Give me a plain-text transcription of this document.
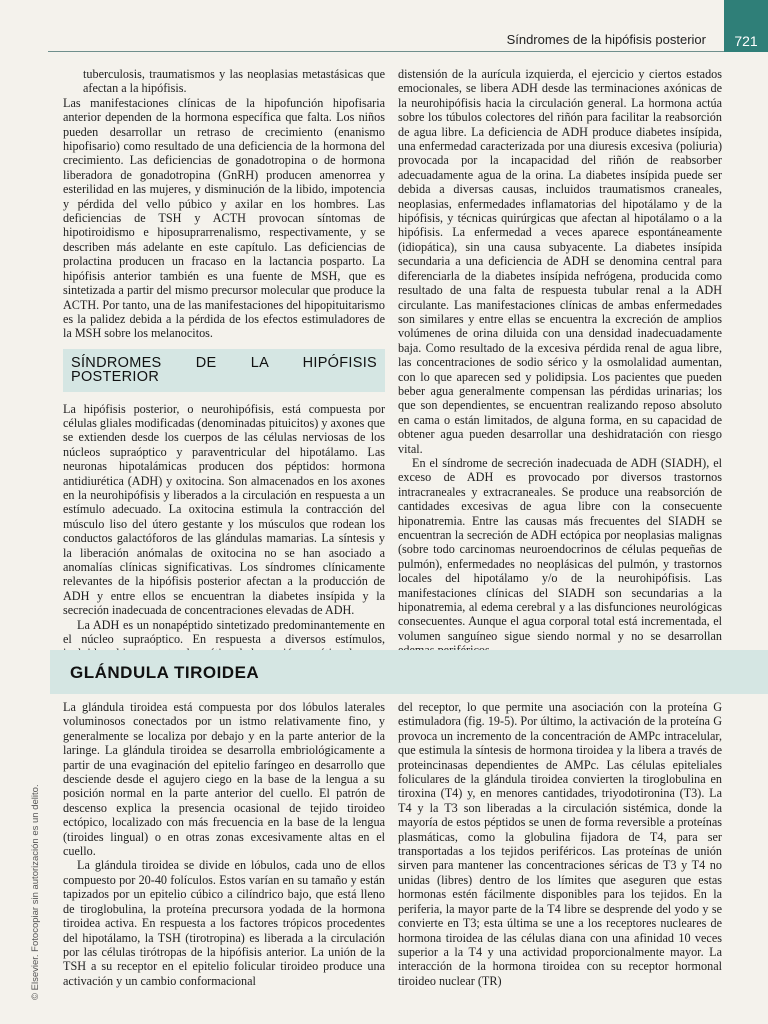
Síndromes de la hipófisis posterior	721

tuberculosis, traumatismos y las neoplasias metastásicas que afectan a la hipófisis.

Las manifestaciones clínicas de la hipofunción hipofisaria anterior dependen de la hormona específica que falta. Los niños pueden desarrollar un retraso de crecimiento (enanismo hipofisario) como resultado de una deficiencia de la hormona del crecimiento. Las deficiencias de gonadotropina o de hormona liberadora de gonadotropina (GnRH) producen amenorrea y esterilidad en las mujeres, y disminución de la libido, impotencia y pérdida del vello púbico y axilar en los hombres. Las deficiencias de TSH y ACTH provocan síntomas de hipotiroidismo e hiposuprarrenalismo, respectivamente, y se describen más adelante en este capítulo. Las deficiencias de prolactina producen un fracaso en la lactancia posparto. La hipófisis anterior también es una fuente de MSH, que es sintetizada a partir del mismo precursor molecular que produce la ACTH. Por tanto, una de las manifestaciones del hipopituitarismo es la palidez debida a la pérdida de los efectos estimuladores de la MSH sobre los melanocitos.

SÍNDROMES DE LA HIPÓFISIS POSTERIOR

La hipófisis posterior, o neurohipófisis, está compuesta por células gliales modificadas (denominadas pituicitos) y axones que se extienden desde los cuerpos de las células nerviosas de los núcleos supraóptico y paraventricular del hipotálamo. Las neuronas hipotalámicas producen dos péptidos: hormona antidiurética (ADH) y oxitocina. Son almacenados en los axones en la neurohipófisis y liberados a la circulación en respuesta a un estímulo adecuado. La oxitocina estimula la contracción del músculo liso del útero gestante y los músculos que rodean los conductos galactóforos de las glándulas mamarias. La síntesis y la liberación anómalas de oxitocina no se han asociado a anomalías clínicas significativas. Los síndromes clínicamente relevantes de la hipófisis posterior afectan a la producción de ADH y entre ellos se encuentran la diabetes insípida y la secreción inadecuada de concentraciones elevadas de ADH.

La ADH es un nonapéptido sintetizado predominantemente en el núcleo supraóptico. En respuesta a diversos estímulos,

distensión de la aurícula izquierda, el ejercicio y ciertos estados emocionales, se libera ADH desde las terminaciones axónicas de la neurohipófisis hacia la circulación general. La hormona actúa sobre los túbulos colectores del riñón para facilitar la reabsorción de agua libre. La deficiencia de ADH produce diabetes insípida, una enfermedad caracterizada por una diuresis excesiva (poliuria) provocada por la incapacidad del riñón de reabsorber adecuadamente agua de la orina. La diabetes insípida puede ser debida a diversas causas, incluidos traumatismos craneales, neoplasias, enfermedades inflamatorias del hipotálamo y de la hipófisis, y técnicas quirúrgicas que afectan al hipotálamo o a la hipófisis. La enfermedad a veces aparece espontáneamente (idiopática), sin una causa subyacente. La diabetes insípida secundaria a una deficiencia de ADH se denomina central para diferenciarla de la diabetes insípida nefrógena, producida como resultado de una falta de respuesta tubular renal a la ADH circulante. Las manifestaciones clínicas de ambas enfermedades son similares y entre ellas se encuentra la excreción de amplios volúmenes de orina diluida con una densidad inadecuadamente baja. Como resultado de la excesiva pérdida renal de agua libre, las concentraciones de sodio sérico y la osmolalidad aumentan, con lo que aparecen sed y polidipsia. Los pacientes que pueden beber agua generalmente compensan las pérdidas urinarias; los que son dependientes, se encuentran realizando reposo absoluto en cama o están limitados, de alguna forma, en su capacidad de obtener agua pueden desarrollar una deshidratación con riesgo vital.

En el síndrome de secreción inadecuada de ADH (SIADH), el exceso de ADH es provocado por diversos trastornos intracraneales y extracraneales. Se produce una reabsorción de cantidades excesivas de agua libre con la consecuente hiponatremia. Entre las causas más frecuentes del SIADH se encuentran la secreción de ADH ectópica por neoplasias malignas (sobre todo carcinomas neuroendocrinos de células pequeñas de pulmón), enfermedades no neoplásicas del pulmón, y trastornos locales del hipotálamo y/o de la neurohipófisis. Las manifestaciones clínicas del SIADH son secundarias a la hiponatremia, al edema cerebral y a las disfunciones neurológicas consecuentes. Aunque el agua corporal total está incrementada, el volumen sanguíneo sigue siendo normal y no se desarrollan

GLÁNDULA TIROIDEA

La glándula tiroidea está compuesta por dos lóbulos laterales voluminosos conectados por un istmo relativamente fino, y generalmente se localiza por debajo y en la parte anterior de la laringe. La glándula tiroidea se desarrolla embriológicamente a partir de una evaginación del epitelio faríngeo en desarrollo que desciende desde el agujero ciego en la base de la lengua a su posición normal en la parte anterior del cuello. El patrón de descenso explica la presencia ocasional de tejido tiroideo ectópico, localizado con más frecuencia en la base de la lengua (tiroides lingual) o en otras zonas excesivamente altas en el cuello.

La glándula tiroidea se divide en lóbulos, cada uno de ellos compuesto por 20-40 folículos. Estos varían en su tamaño y están tapizados por un epitelio cúbico a cilíndrico bajo, que está lleno de tiroglobulina, la proteína precursora yodada de la hormona tiroidea activa. En respuesta a los factores trópicos procedentes del hipotálamo, la TSH (tirotropina) es liberada a la circulación por las células tirótropas de la hipófisis anterior. La unión de la TSH a su receptor en el epitelio folicular tiroideo produce una activación y un cambio conformacional

del receptor, lo que permite una asociación con la proteína G estimuladora (fig. 19-5). Por último, la activación de la proteína G provoca un incremento de la concentración de AMPc intracelular, que estimula la síntesis de hormona tiroidea y la libera a través de proteincinasas dependientes de AMPc. Las células epiteliales foliculares de la glándula tiroidea convierten la tiroglobulina en tiroxina (T4) y, en menores cantidades, triyodotironina (T3). La T4 y la T3 son liberadas a la circulación sistémica, donde la mayoría de estos péptidos se unen de forma reversible a proteínas plasmáticas, como la globulina fijadora de T4, para ser transportadas a los tejidos periféricos. Las proteínas de unión sirven para mantener las concentraciones séricas de T3 y T4 no unidas (libres) dentro de los límites que aseguren que estas hormonas estén fácilmente disponibles para los tejidos. En la periferia, la mayor parte de la T4 libre se desprende del yodo y se convierte en T3; esta última se une a los receptores nucleares de hormona tiroidea de las células diana con una afinidad 10 veces superior a la T4 y una actividad proporcionalmente mayor. La interacción de la hormona tiroidea con su receptor hormonal tiroideo nuclear (TR)

© Elsevier. Fotocopiar sin autorización es un delito.
